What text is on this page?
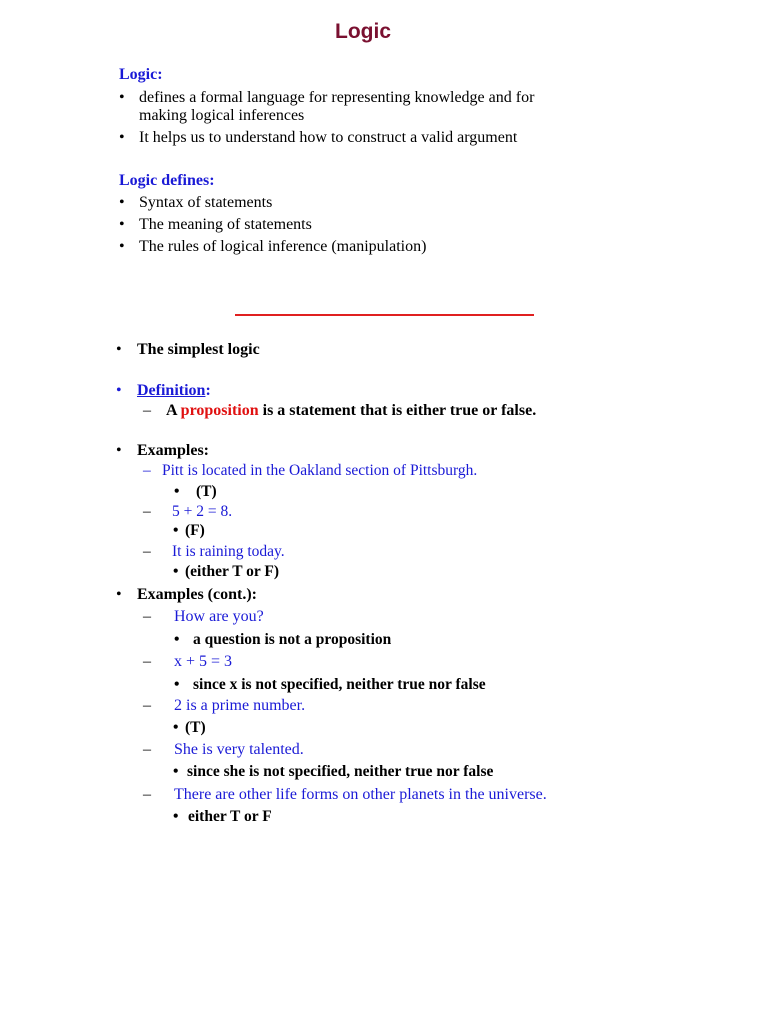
Logic
Logic:
• defines a formal language for representing knowledge and for
making logical inferences
• It helps us to understand how to construct a valid argument
Logic defines:
• Syntax of statements
• The meaning of statements
• The rules of logical inference (manipulation)
• The simplest logic
• Definition:
– A proposition is a statement that is either true or false.
• Examples:
– Pitt is located in the Oakland section of Pittsburgh.
• (T)
– 5 + 2 = 8.
• (F)
– It is raining today.
• (either T or F)
• Examples (cont.):
– How are you?
• a question is not a proposition
– x + 5 = 3
• since x is not specified, neither true nor false
– 2 is a prime number.
• (T)
– She is very talented.
• since she is not specified, neither true nor false
– There are other life forms on other planets in the universe.
• either T or F
